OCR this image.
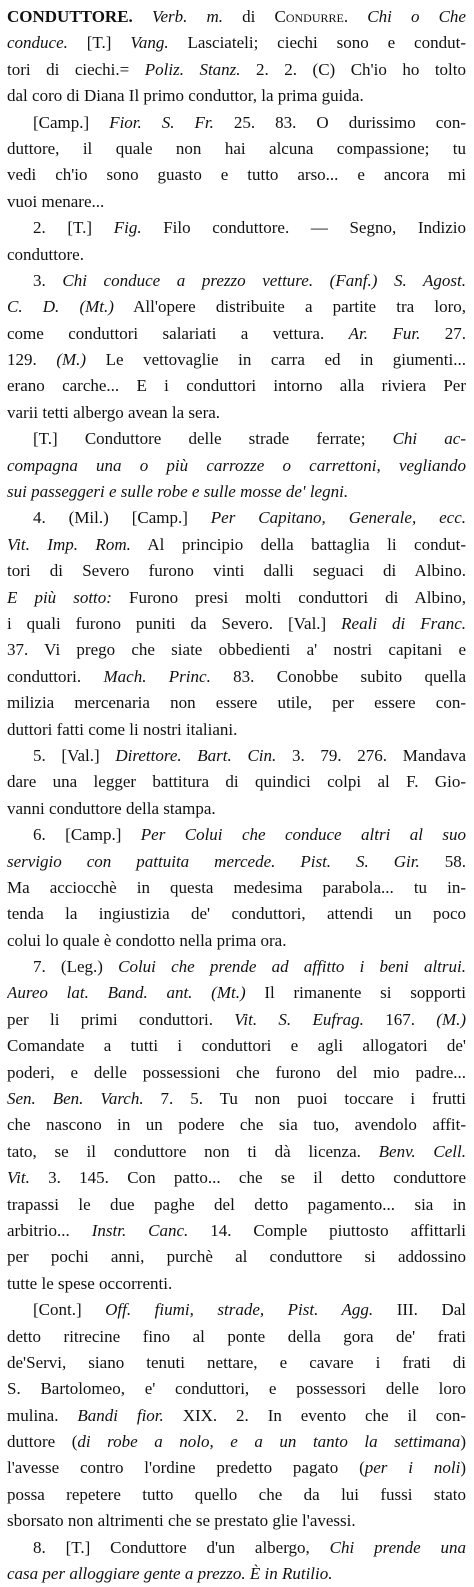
CONDUTTORE. Verb. m. di Condurre. Chi o Che
conduce. [T.] Vang. Lasciateli; ciechi sono e condut-
tori di ciechi.= Poliz. Stanz. 2. 2. (C) Ch'io ho tolto
dal coro di Diana Il primo conduttor, la prima guida.
[Camp.] Fior. S. Fr. 25. 83. O durissimo con-
duttore, il quale non hai alcuna compassione; tu
vedi ch'io sono guasto e tutto arso... e ancora mi
vuoi menare...
2. [T.] Fig. Filo conduttore. — Segno, Indizio
conduttore.
3. Chi conduce a prezzo vetture. (Fanf.) S. Agost.
C. D. (Mt.) All'opere distribuite a partite tra loro,
come conduttori salariati a vettura. Ar. Fur. 27.
129. (M.) Le vettovaglie in carra ed in giumenti...
erano carche... E i conduttori intorno alla riviera Per
varii tetti albergo avean la sera.
[T.] Conduttore delle strade ferrate; Chi ac-
compagna una o più carrozze o carrettoni, vegliando
sui passeggeri e sulle robe e sulle mosse de' legni.
4. (Mil.) [Camp.] Per Capitano, Generale, ecc.
Vit. Imp. Rom. Al principio della battaglia li condut-
tori di Severo furono vinti dalli seguaci di Albino.
E più sotto: Furono presi molti conduttori di Albino,
i quali furono puniti da Severo. [Val.] Reali di Franc.
37. Vi prego che siate obbedienti a' nostri capitani e
conduttori. Mach. Princ. 83. Conobbe subito quella
milizia mercenaria non essere utile, per essere con-
duttori fatti come li nostri italiani.
5. [Val.] Direttore. Bart. Cin. 3. 79. 276. Mandava
dare una legger battitura di quindici colpi al F. Gio-
vanni conduttore della stampa.
6. [Camp.] Per Colui che conduce altri al suo
servigio con pattuita mercede. Pist. S. Gir. 58.
Ma acciocchè in questa medesima parabola... tu in-
tenda la ingiustizia de' conduttori, attendi un poco
colui lo quale è condotto nella prima ora.
7. (Leg.) Colui che prende ad affitto i beni altrui.
Aureo lat. Band. ant. (Mt.) Il rimanente si sopporti
per li primi conduttori. Vit. S. Eufrag. 167. (M.)
Comandate a tutti i conduttori e agli allogatori de'
poderi, e delle possessioni che furono del mio padre...
Sen. Ben. Varch. 7. 5. Tu non puoi toccare i frutti
che nascono in un podere che sia tuo, avendolo affit-
tato, se il conduttore non ti dà licenza. Benv. Cell.
Vit. 3. 145. Con patto... che se il detto conduttore
trapassi le due paghe del detto pagamento... sia in
arbitrio... Instr. Canc. 14. Comple piuttosto affittarli
per pochi anni, purchè al conduttore si addossino
tutte le spese occorrenti.
[Cont.] Off. fiumi, strade, Pist. Agg. III. Dal
detto ritrecine fino al ponte della gora de' frati
de'Servi, siano tenuti nettare, e cavare i frati di
S. Bartolomeo, e' conduttori, e possessori delle loro
mulina. Bandi fior. XIX. 2. In evento che il con-
duttore (di robe a nolo, e a un tanto la settimana)
l'avesse contro l'ordine predetto pagato (per i noli)
possa repetere tutto quello che da lui fussi stato
sborsato non altrimenti che se prestato glie l'avessi.
8. [T.] Conduttore d'un albergo, Chi prende una
casa per alloggiare gente a prezzo. È in Rutilio.
